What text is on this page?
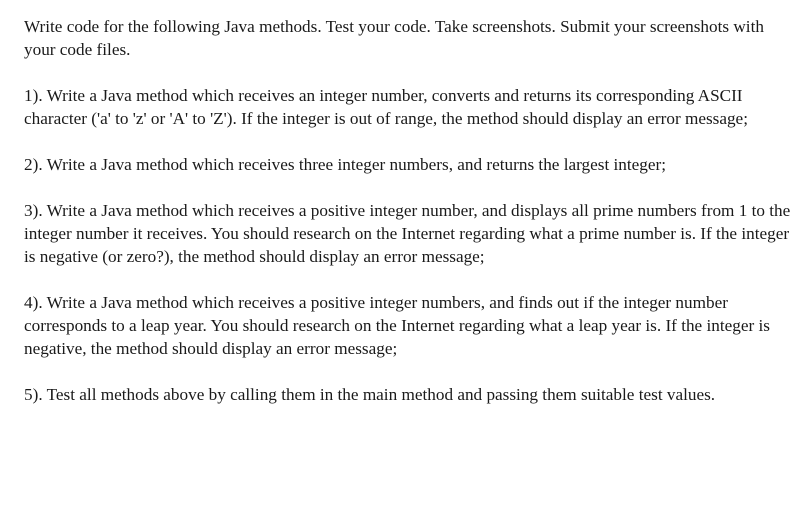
Write code for the following Java methods. Test your code. Take screenshots. Submit your screenshots with your code files.

1). Write a Java method which receives an integer number, converts and returns its corresponding ASCII character ('a' to 'z' or 'A' to 'Z'). If the integer is out of range, the method should display an error message;

2). Write a Java method which receives three integer numbers, and returns the largest integer;

3). Write a Java method which receives a positive integer number, and displays all prime numbers from 1 to the integer number it receives. You should research on the Internet regarding what a prime number is. If the integer is negative (or zero?), the method should display an error message;

4). Write a Java method which receives a positive integer numbers, and finds out if the integer number corresponds to a leap year. You should research on the Internet regarding what a leap year is. If the integer is negative, the method should display an error message;

5). Test all methods above by calling them in the main method and passing them suitable test values.
